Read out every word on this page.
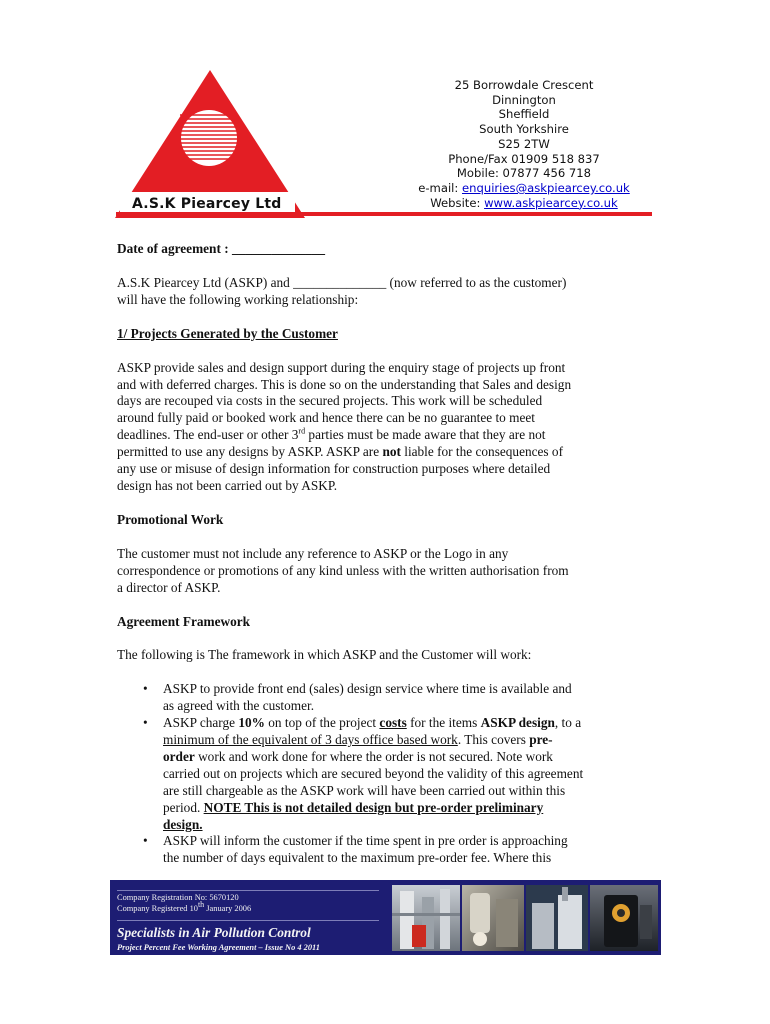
A.S.K Piearcey Ltd
25 Borrowdale Crescent
Dinnington
Sheffield
South Yorkshire
S25 2TW
Phone/Fax 01909 518 837
Mobile: 07877 456 718
e-mail: enquiries@askpiearcey.co.uk
Website: www.askpiearcey.co.uk

Date of agreement : ______________

A.S.K Piearcey Ltd (ASKP) and ______________ (now referred to as the customer)

will have the following working relationship:

1/ Projects Generated by the Customer

ASKP provide sales and design support during the enquiry stage of projects up front

and with deferred charges. This is done so on the understanding that Sales and design

days are recouped via costs in the secured projects. This work will be scheduled

around fully paid or booked work and hence there can be no guarantee to meet

deadlines. The end-user or other 3rd parties must be made aware that they are not

permitted to use any designs by ASKP. ASKP are not liable for the consequences of

any use or misuse of design information for construction purposes where detailed

design has not been carried out by ASKP.

Promotional Work

The customer must not include any reference to ASKP or the Logo in any

correspondence or promotions of any kind unless with the written authorisation from

a director of ASKP.

Agreement Framework

The following is The framework in which ASKP and the Customer will work:

• ASKP to provide front end (sales) design service where time is available and
as agreed with the customer.
• ASKP charge 10% on top of the project costs for the items ASKP design, to a
minimum of the equivalent of 3 days office based work. This covers pre-
order work and work done for where the order is not secured. Note work
carried out on projects which are secured beyond the validity of this agreement
are still chargeable as the ASKP work will have been carried out within this
period. NOTE This is not detailed design but pre-order preliminary
design.
• ASKP will inform the customer if the time spent in pre order is approaching
the number of days equivalent to the maximum pre-order fee. Where this
Company Registration No: 5670120
Company Registered 10th January 2006
Specialists in Air Pollution Control
Project Percent Fee Working Agreement – Issue No 4 2011
